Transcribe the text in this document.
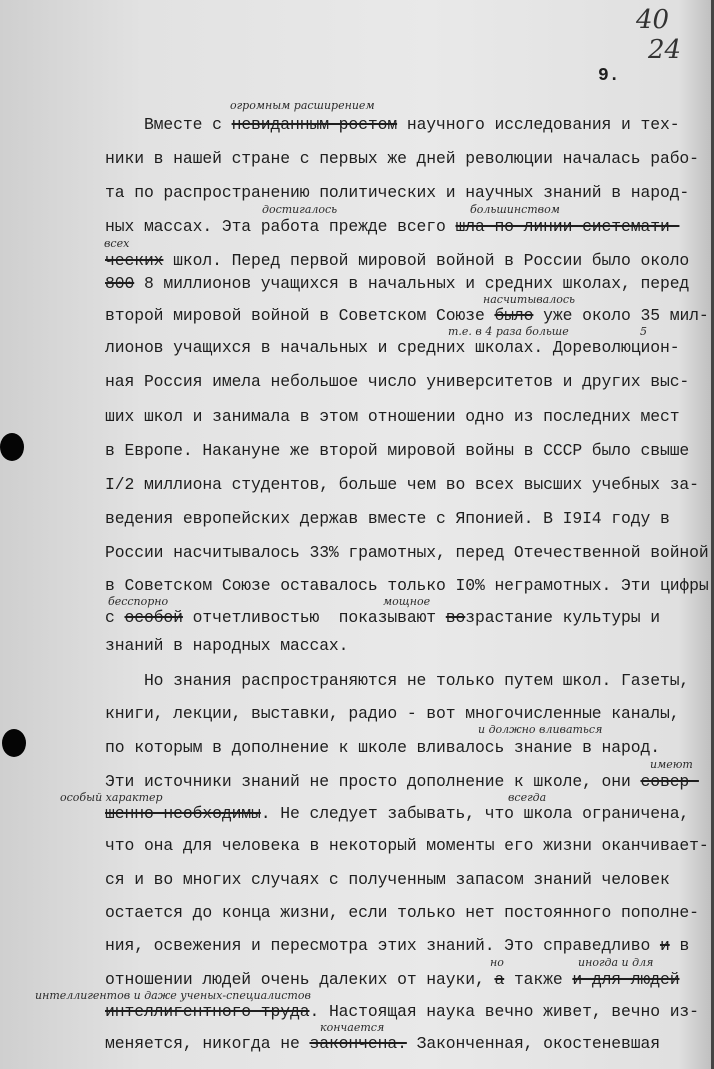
40
24
9.
Вместе с невиданным ростом научного исследования и тех-
ники в нашей стране с первых же дней революции началась рабо-
та по распространению политических и научных знаний в народ-
ных массах. Эта работа прежде всего шла по линии системати-
ческих школ. Перед первой мировой войной в России было около
800 8 миллионов учащихся в начальных и средних школах, перед
второй мировой войной в Советском Союзе было уже около 35 мил-
лионов учащихся в начальных и средних школах. Дореволюцион-
ная Россия имела небольшое число университетов и других выс-
ших школ и занимала в этом отношении одно из последних мест
в Европе. Накануне же второй мировой войны в СССР было свыше
I/2 миллиона студентов, больше чем во всех высших учебных за-
ведения европейских держав вместе с Японией. В I9I4 году в
России насчитывалось 33% грамотных, перед Отечественной войной
в Советском Союзе оставалось только I0% неграмотных. Эти цифры
с особой отчетливостью  показывают возрастание культуры и
знаний в народных массах.
Но знания распространяются не только путем школ. Газеты,
книги, лекции, выставки, радио - вот многочисленные каналы,
по которым в дополнение к школе вливалось знание в народ.
Эти источники знаний не просто дополнение к школе, они совер-
шенно необходимы. Не следует забывать, что школа ограничена,
что она для человека в некоторый моменты его жизни оканчивает-
ся и во многих случаях с полученным запасом знаний человек
остается до конца жизни, если только нет постоянного пополне-
ния, освежения и пересмотра этих знаний. Это справедливо и в
отношении людей очень далеких от науки, а также и для людей
интеллигентного труда. Настоящая наука вечно живет, вечно из-
меняется, никогда не закончена. Законченная, окостеневшая
огромным расширением
достигалось	большинством
всех
насчитывалось
т.е. в 4 раза больше	5
бесспорно	мощное
и должно вливаться
имеют
особый характер	всегда
но	иногда и для
интеллигентов и даже ученых-специалистов
кончается
